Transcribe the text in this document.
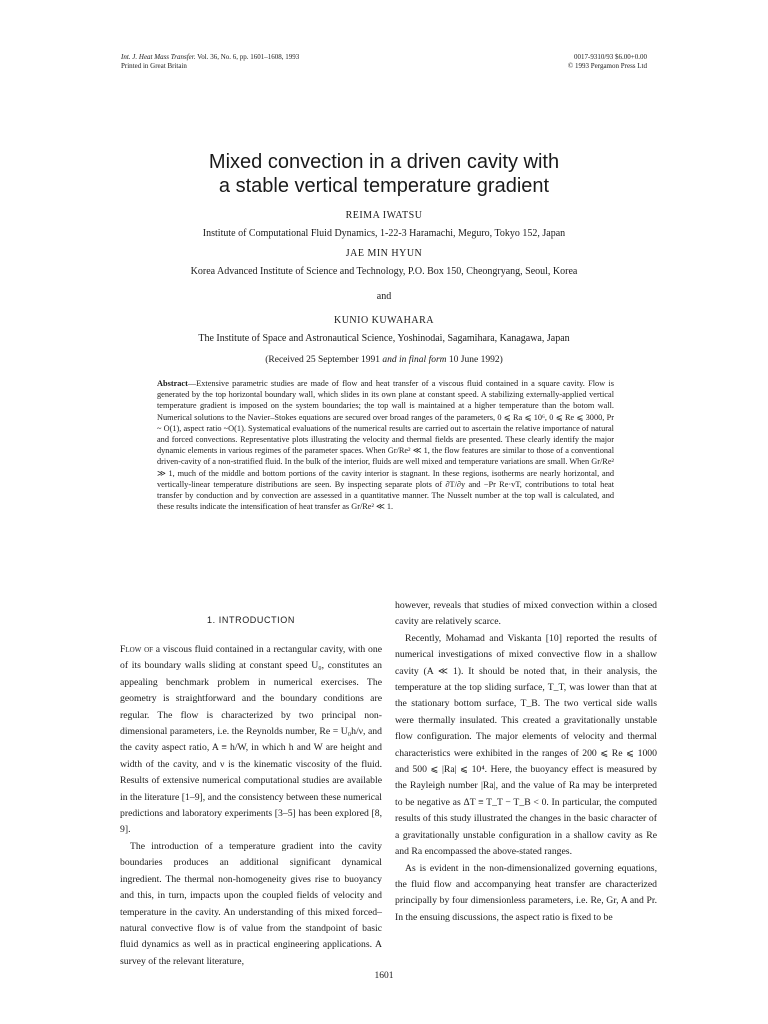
Int. J. Heat Mass Transfer. Vol. 36, No. 6, pp. 1601–1608, 1993
Printed in Great Britain
0017-9310/93 $6.00+0.00
© 1993 Pergamon Press Ltd
Mixed convection in a driven cavity with
a stable vertical temperature gradient
REIMA IWATSU
Institute of Computational Fluid Dynamics, 1-22-3 Haramachi, Meguro, Tokyo 152, Japan
JAE MIN HYUN
Korea Advanced Institute of Science and Technology, P.O. Box 150, Cheongryang, Seoul, Korea
and
KUNIO KUWAHARA
The Institute of Space and Astronautical Science, Yoshinodai, Sagamihara, Kanagawa, Japan
(Received 25 September 1991 and in final form 10 June 1992)
Abstract—Extensive parametric studies are made of flow and heat transfer of a viscous fluid contained in a square cavity. Flow is generated by the top horizontal boundary wall, which slides in its own plane at constant speed. A stabilizing externally-applied vertical temperature gradient is imposed on the system boundaries; the top wall is maintained at a higher temperature than the botom wall. Numerical solutions to the Navier–Stokes equations are secured over broad ranges of the parameters, 0 ⩽ Ra ⩽ 10⁶, 0 ⩽ Re ⩽ 3000, Pr ~ O(1), aspect ratio ~O(1). Systematical evaluations of the numerical results are carried out to ascertain the relative importance of natural and forced convections. Representative plots illustrating the velocity and thermal fields are presented. These clearly identify the major dynamic elements in various regimes of the parameter spaces. When Gr/Re² ≪ 1, the flow features are similar to those of a conventional driven-cavity of a non-stratified fluid. In the bulk of the interior, fluids are well mixed and temperature variations are small. When Gr/Re² ≫ 1, much of the middle and bottom portions of the cavity interior is stagnant. In these regions, isotherms are nearly horizontal, and vertically-linear temperature distributions are seen. By inspecting separate plots of ∂T/∂y and −Pr Re·vT, contributions to total heat transfer by conduction and by convection are assessed in a quantitative manner. The Nusselt number at the top wall is calculated, and these results indicate the intensification of heat transfer as Gr/Re² ≪ 1.
1. INTRODUCTION

Flow of a viscous fluid contained in a rectangular cavity, with one of its boundary walls sliding at constant speed U₀, constitutes an appealing benchmark problem in numerical exercises. The geometry is straightforward and the boundary conditions are regular. The flow is characterized by two principal non-dimensional parameters, i.e. the Reynolds number, Re = U₀h/ν, and the cavity aspect ratio, A ≡ h/W, in which h and W are height and width of the cavity, and ν is the kinematic viscosity of the fluid. Results of extensive numerical computational studies are available in the literature [1–9], and the consistency between these numerical predictions and laboratory experiments [3–5] has been explored [8, 9].

The introduction of a temperature gradient into the cavity boundaries produces an additional significant dynamical ingredient. The thermal non-homogeneity gives rise to buoyancy and this, in turn, impacts upon the coupled fields of velocity and temperature in the cavity. An understanding of this mixed forced–natural convective flow is of value from the standpoint of basic fluid dynamics as well as in practical engineering applications. A survey of the relevant literature,

however, reveals that studies of mixed convection within a closed cavity are relatively scarce.

Recently, Mohamad and Viskanta [10] reported the results of numerical investigations of mixed convective flow in a shallow cavity (A ≪ 1). It should be noted that, in their analysis, the temperature at the top sliding surface, T_T, was lower than that at the stationary bottom surface, T_B. The two vertical side walls were thermally insulated. This created a gravitationally unstable flow configuration. The major elements of velocity and thermal characteristics were exhibited in the ranges of 200 ⩽ Re ⩽ 1000 and 500 ⩽ |Ra| ⩽ 10⁴. Here, the buoyancy effect is measured by the Rayleigh number |Ra|, and the value of Ra may be interpreted to be negative as ΔT ≡ T_T − T_B < 0. In particular, the computed results of this study illustrated the changes in the basic character of a gravitationally unstable configuration in a shallow cavity as Re and Ra encompassed the above-stated ranges.

As is evident in the non-dimensionalized governing equations, the fluid flow and accompanying heat transfer are characterized principally by four dimensionless parameters, i.e. Re, Gr, A and Pr. In the ensuing discussions, the aspect ratio is fixed to be

1601
